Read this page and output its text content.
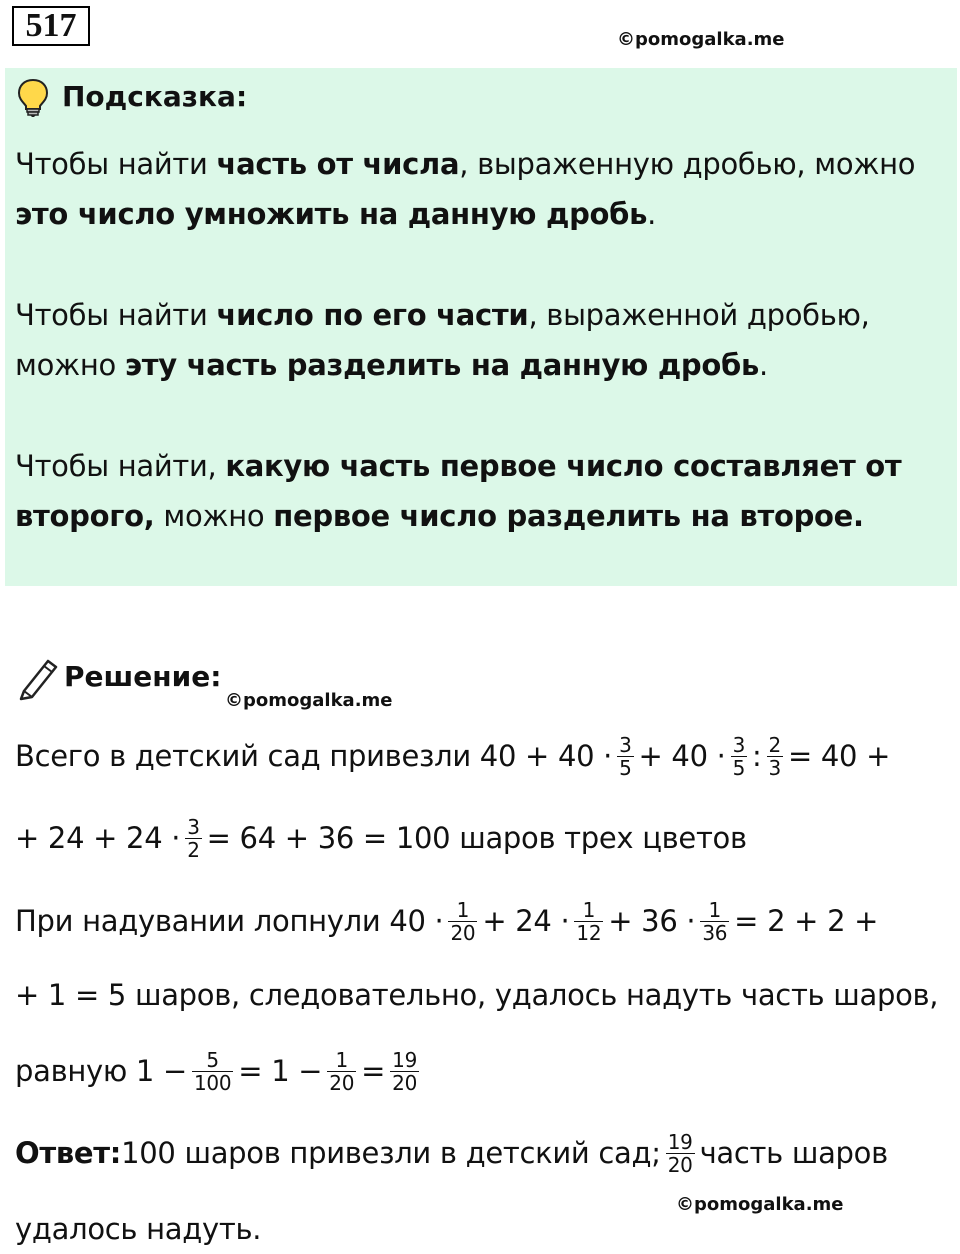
517	©pomogalka.me
Подсказка:
Чтобы найти часть от числа, выраженную дробью, можно
это число умножить на данную дробь.
Чтобы найти число по его части, выраженной дробью,
можно эту часть разделить на данную дробь.
Чтобы найти, какую часть первое число составляет от
второго, можно первое число разделить на второе.
Решение:
©pomogalka.me
Всего в детский сад привезли $40 + 40 \cdot \frac{3}{5} + 40 \cdot \frac{3}{5}$ : $\frac{2}{3} = 40$ +
+ $24 + 24 \cdot \frac{3}{2} = 64 + 36 = 100$ шаров трех цветов
При надувании лопнули $40 \cdot \frac{1}{20} + 24 \cdot \frac{1}{12} + 36 \cdot \frac{1}{36} = 2 + 2$ +
+ 1 = 5 шаров, следовательно, удалось надуть часть шаров,
равную $1 - \frac{5}{100} = 1 - \frac{1}{20} = \frac{19}{20}$
Ответ: 100 шаров привезли в детский сад; $\frac{19}{20}$ часть шаров
©pomogalka.me
удалось надуть.
